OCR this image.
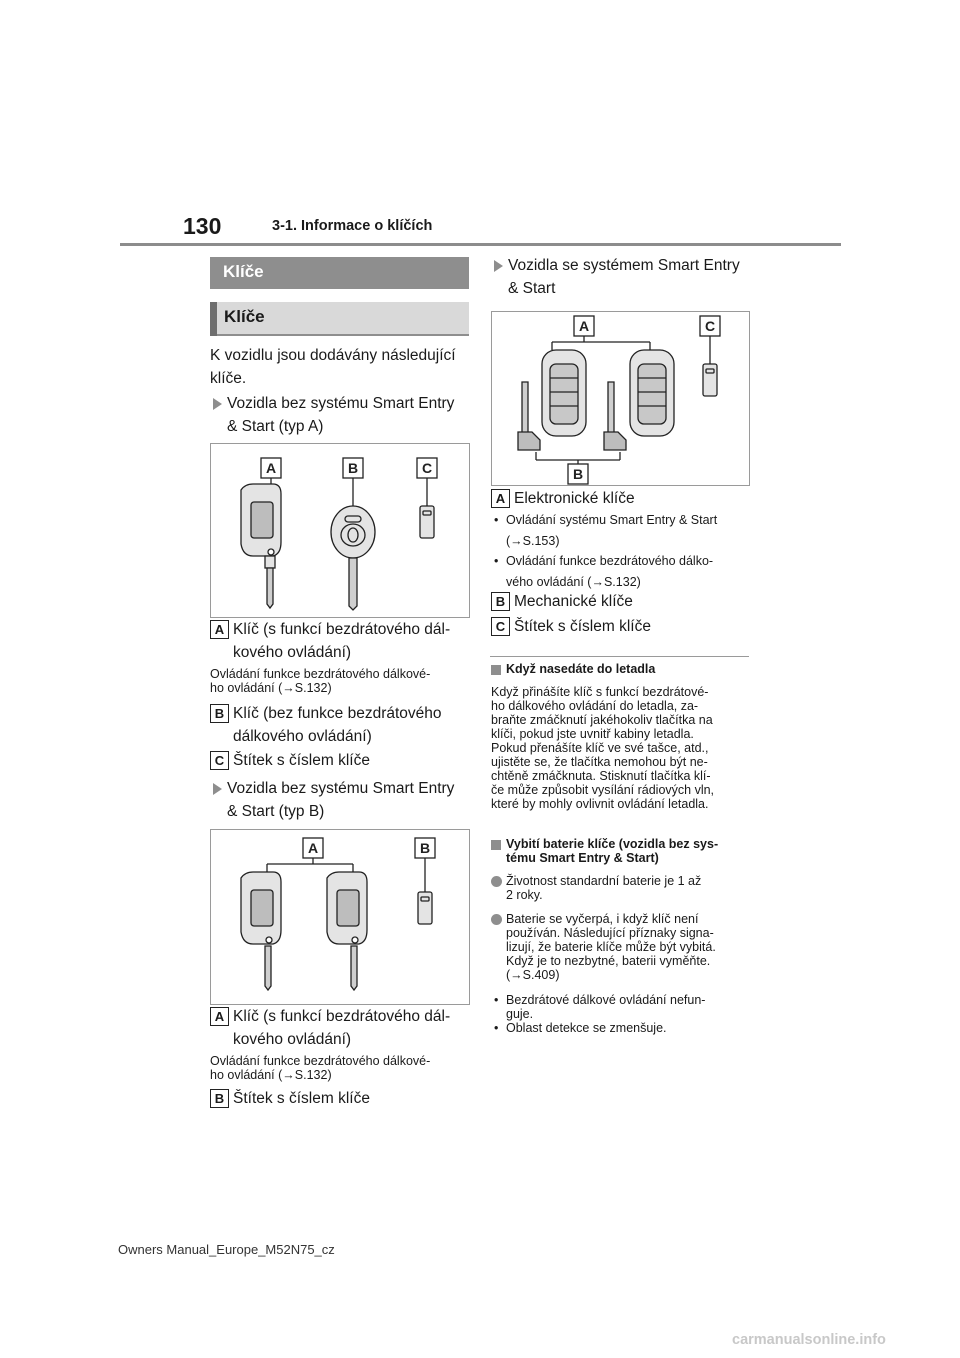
130	3-1. Informace o klíčích
Klíče
Klíče
K vozidlu jsou dodávány následující klíče.
Vozidla bez systému Smart Entry
& Start (typ A)
A	B	C
A Klíč (s funkcí bezdrátového dál-
kového ovládání)
Ovládání funkce bezdrátového dálkové-
ho ovládání (→S.132)
B Klíč (bez funkce bezdrátového
dálkového ovládání)
C Štítek s číslem klíče
Vozidla bez systému Smart Entry
& Start (typ B)
A	B
A Klíč (s funkcí bezdrátového dál-
kového ovládání)
Ovládání funkce bezdrátového dálkové-
ho ovládání (→S.132)
B Štítek s číslem klíče
Vozidla se systémem Smart Entry
& Start
A	C
B
A Elektronické klíče
• Ovládání systému Smart Entry & Start
(→S.153)
• Ovládání funkce bezdrátového dálko-
vého ovládání (→S.132)
B Mechanické klíče
C Štítek s číslem klíče
Když nasedáte do letadla
Když přinášíte klíč s funkcí bezdrátové-
ho dálkového ovládání do letadla, za-
braňte zmáčknutí jakéhokoliv tlačítka na
klíči, pokud jste uvnitř kabiny letadla.
Pokud přenášíte klíč ve své tašce, atd.,
ujistěte se, že tlačítka nemohou být ne-
chtěně zmáčknuta. Stisknutí tlačítka klí-
če může způsobit vysílání rádiových vln,
které by mohly ovlivnit ovládání letadla.
Vybití baterie klíče (vozidla bez sys-
tému Smart Entry & Start)
Životnost standardní baterie je 1 až
2 roky.
Baterie se vyčerpá, i když klíč není
používán. Následující příznaky signa-
lizují, že baterie klíče může být vybitá.
Když je to nezbytné, baterii vyměňte.
(→S.409)
• Bezdrátové dálkové ovládání nefun-
guje.
• Oblast detekce se zmenšuje.
Owners Manual_Europe_M52N75_cz
carmanualsonline.info
